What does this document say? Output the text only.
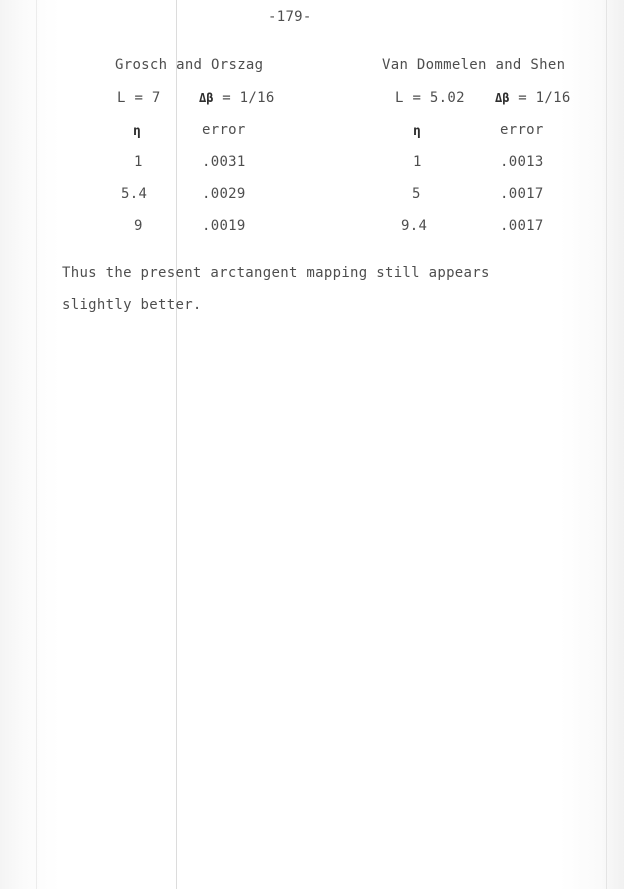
-179-
Grosch and Orszag
L = 7	Δβ = 1/16
η	error
1	.0031
5.4	.0029
9	.0019
Van Dommelen and Shen
L = 5.02	Δβ = 1/16
η	error
1	.0013
5	.0017
9.4	.0017
Thus the present arctangent mapping still appears
slightly better.
